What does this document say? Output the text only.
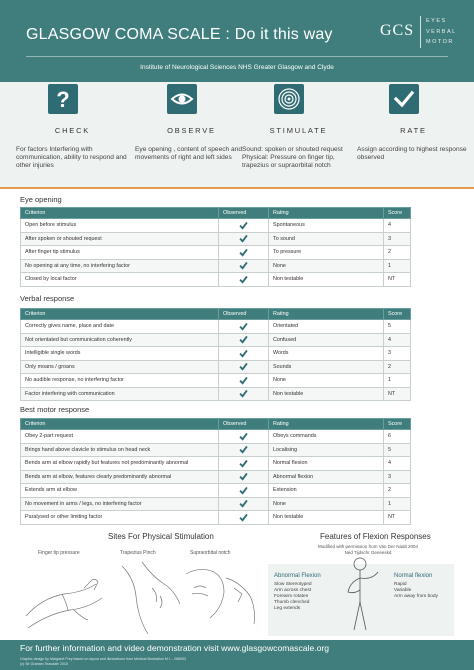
GLASGOW COMA SCALE : Do it this way	GCS
EYES
VERBAL
MOTOR
Institute of Neurological Sciences NHS Greater Glasgow and Clyde
?
CHECK
For factors Interfering with communication, ability to respond and other injuries
OBSERVE
Eye opening , content of speech and movements of right and left sides
STIMULATE
Sound: spoken or shouted request
Physical: Pressure on finger tip, trapezius or supraorbital notch
RATE
Assign according to highest response observed
Eye opening
Criterion	Observed	Rating	Score
Open before stimulus		Spontaneous	4
After spoken or shouted request		To sound	3
After finger tip stimulus		To pressure	2
No opening at any time, no interfering factor		None	1
Closed by local factor		Non testable	NT
Verbal response
Criterion	Observed	Rating	Score
Correctly gives name, place and date		Orientated	5
Not orientated but communication coherently		Confused	4
Intelligible single words		Words	3
Only moans / groans		Sounds	2
No audible response, no interfering factor		None	1
Factor interfering with communication		Non testable	NT
Best motor response
Criterion	Observed	Rating	Score
Obey 2-part request		Obeys commands	6
Brings hand above clavicle to stimulus on head neck		Localising	5
Bends arm at elbow rapidly but features not predominantly abnormal		Normal flexion	4
Bends arm at elbow, features clearly predominantly abnormal		Abnormal flexion	3
Extends arm at elbow		Extension	2
No movement in arms / legs, no interfering factor		None	1
Paralysed or other limiting factor		Non testable	NT
Sites For Physical Stimulation	Features of Flexion Responses
Modified with permission from Van Der Naalt 2004
Ned Tijdschr Geneeskd
Finger tip pressure	Trapezius Pinch	Supraorbital notch
Abnormal Flexion
Slow Stereotyped
Arm across chest
Forearm rotates
Thumb clenched
Leg extends
Normal flexion
Rapid
Variable
Arm away from body
For further information and video demonstration visit www.glasgowcomascale.org
Graphic design by Margaret Frey based on layout and illustrations from Medical Illustration M.I. - 268093
(c) Sir Graham Teasdale 2015
